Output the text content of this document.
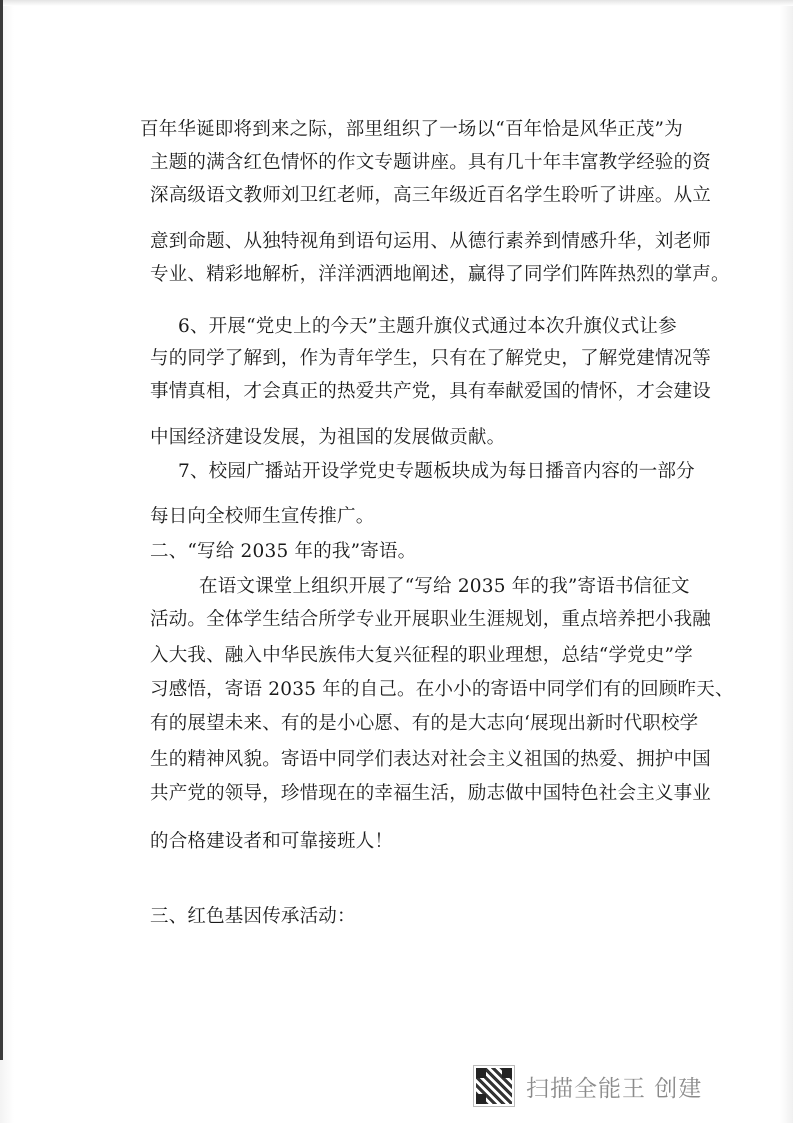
百年华诞即将到来之际，部里组织了一场以“百年恰是风华正茂”为
主题的满含红色情怀的作文专题讲座。具有几十年丰富教学经验的资
深高级语文教师刘卫红老师，高三年级近百名学生聆听了讲座。从立
意到命题、从独特视角到语句运用、从德行素养到情感升华，刘老师
专业、精彩地解析，洋洋洒洒地阐述，赢得了同学们阵阵热烈的掌声。
6、开展“党史上的今天”主题升旗仪式通过本次升旗仪式让参
与的同学了解到，作为青年学生，只有在了解党史，了解党建情况等
事情真相，才会真正的热爱共产党，具有奉献爱国的情怀，才会建设
中国经济建设发展，为祖国的发展做贡献。
7、校园广播站开设学党史专题板块成为每日播音内容的一部分
每日向全校师生宣传推广。
二、“写给 2035 年的我”寄语。
在语文课堂上组织开展了“写给 2035 年的我”寄语书信征文
活动。全体学生结合所学专业开展职业生涯规划，重点培养把小我融
入大我、融入中华民族伟大复兴征程的职业理想，总结“学党史”学
习感悟，寄语 2035 年的自己。在小小的寄语中同学们有的回顾昨天、
有的展望未来、有的是小心愿、有的是大志向‘展现出新时代职校学
生的精神风貌。寄语中同学们表达对社会主义祖国的热爱、拥护中国
共产党的领导，珍惜现在的幸福生活，励志做中国特色社会主义事业
的合格建设者和可靠接班人！
三、红色基因传承活动：
扫描全能王 创建
